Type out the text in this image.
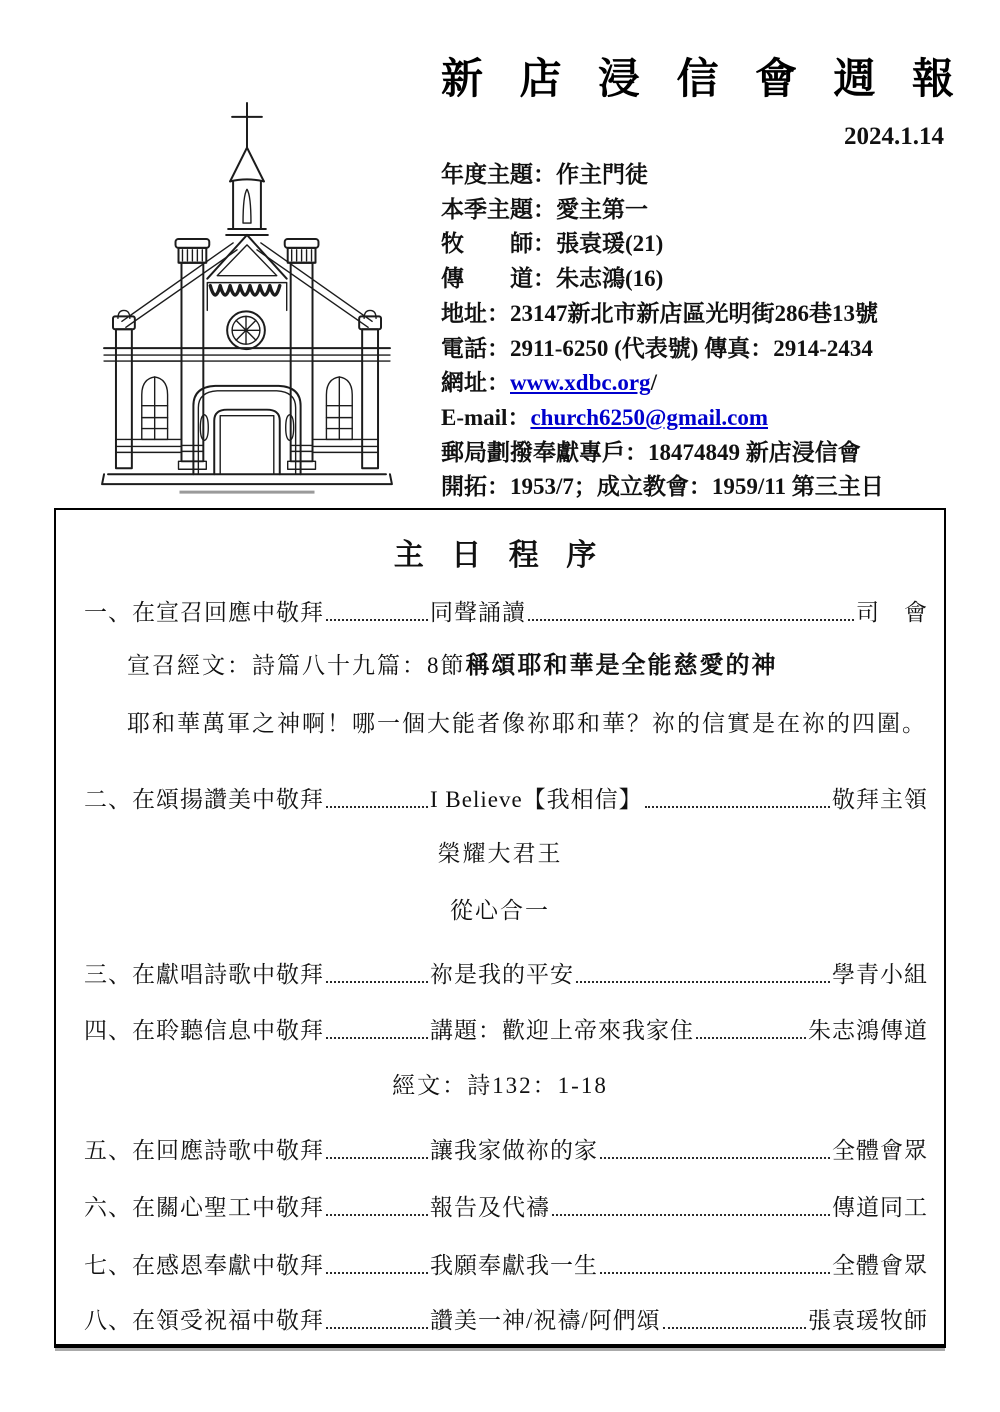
新 店 浸 信 會 週 報
2024.1.14
年度主題：作主門徒
本季主題：愛主第一
牧　　師：張袁瑗(21)
傳　　道：朱志鴻(16)
地址：23147新北市新店區光明街286巷13號
電話：2911-6250 (代表號) 傳真：2914-2434
網址：www.xdbc.org/
E-mail：church6250@gmail.com
郵局劃撥奉獻專戶：18474849 新店浸信會
開拓：1953/7；成立教會：1959/11 第三主日
主 日 程 序
一、在宣召回應中敬拜	同聲誦讀	司　會
宣召經文：詩篇八十九篇：8節稱頌耶和華是全能慈愛的神
耶和華萬軍之神啊！哪一個大能者像祢耶和華？祢的信實是在祢的四圍。
二、在頌揚讚美中敬拜	I Believe【我相信】	敬拜主領
榮耀大君王
從心合一
三、在獻唱詩歌中敬拜	祢是我的平安	學青小組
四、在聆聽信息中敬拜	講題：歡迎上帝來我家住	朱志鴻傳道
經文：詩132：1-18
五、在回應詩歌中敬拜	讓我家做祢的家	全體會眾
六、在關心聖工中敬拜	報告及代禱	傳道同工
七、在感恩奉獻中敬拜	我願奉獻我一生	全體會眾
八、在領受祝福中敬拜	讚美一神/祝禱/阿們頌	張袁瑗牧師
